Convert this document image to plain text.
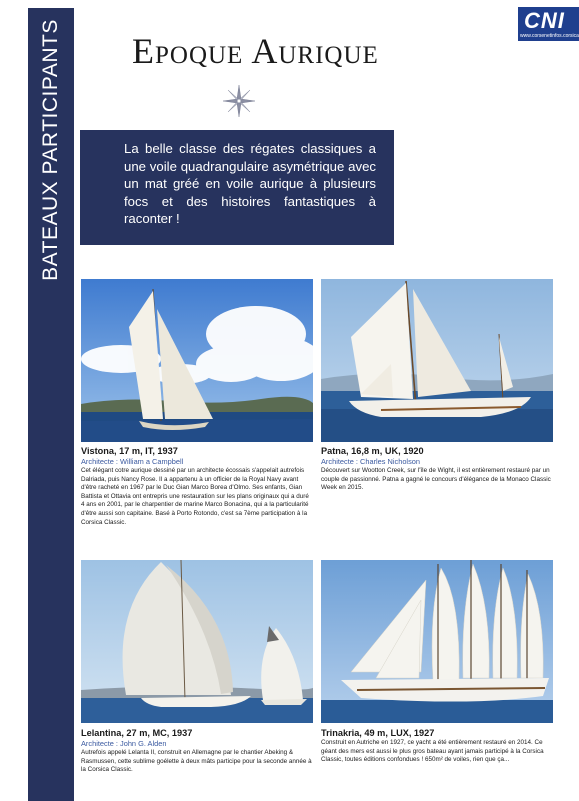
BATEAUX PARTICIPANTS	CNI
www.corsenetinfos.corsica
Epoque Aurique

La belle classe des régates classiques a une voile quadrangulaire asymétrique avec un mat gréé en voile aurique à plusieurs focs et des histoires fantastiques à raconter !

Vistona, 17 m, IT, 1937
Architecte : William a Campbell
Cet élégant cotre aurique dessiné par un architecte écossais s'appelait autrefois Dalriada, puis Nancy Rose. Il a appartenu à un officier de la Royal Navy avant d'être racheté en 1967 par le Duc Gian Marco Borea d'Olmo. Ses enfants, Gian Battista et Ottavia ont entrepris une restauration sur les plans originaux qui a duré 4 ans en 2001, par le charpentier de marine Marco Bonacina, qui a la particularité d'être aussi son capitaine. Basé à Porto Rotondo, c'est sa 7ème participation à la Corsica Classic.
Patna, 16,8 m, UK, 1920
Architecte : Charles Nicholson
Découvert sur Wootton Creek, sur l'île de Wight, il est entièrement restauré par un couple de passionné. Patna a gagné le concours d'élégance de la Monaco Classic Week en 2015.
Lelantina, 27 m, MC, 1937
Architecte : John G. Alden
Autrefois appelé Lelanta II, construit en Allemagne par le chantier Abeking & Rasmussen, cette sublime goélette à deux mâts participe pour la seconde année à la Corsica Classic.
Trinakria, 49 m, LUX, 1927
Construit en Autriche en 1927, ce yacht a été entièrement restauré en 2014. Ce géant des mers est aussi le plus gros bateau ayant jamais participé à la Corsica Classic, toutes éditions confondues ! 650m² de voiles, rien que ça...
